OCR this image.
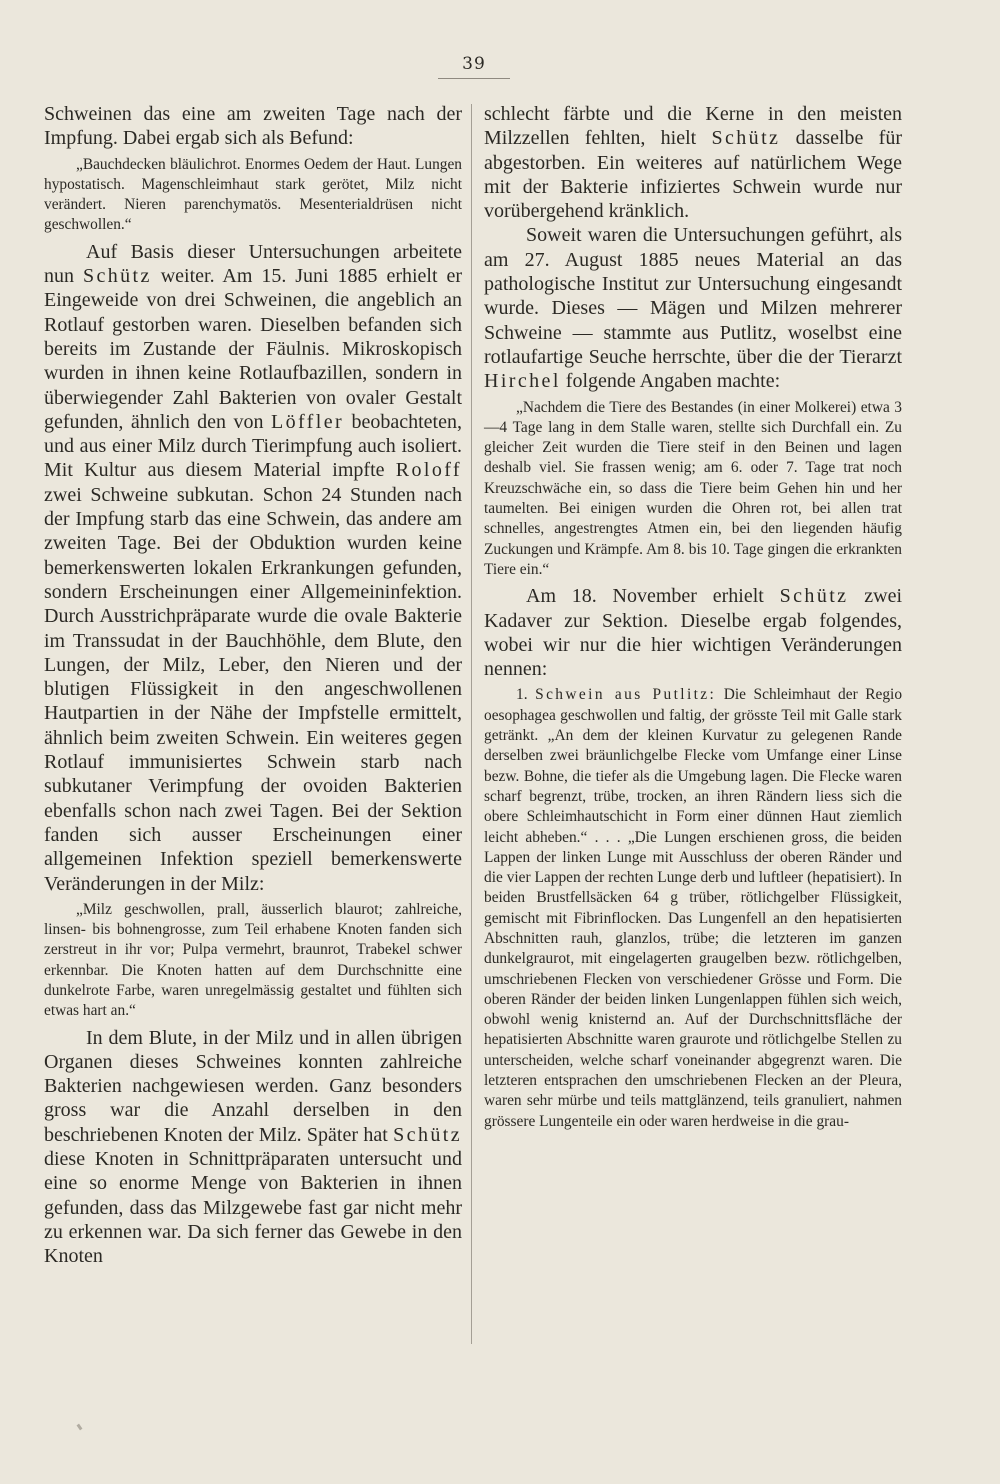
39

Schweinen das eine am zweiten Tage nach der Impfung. Dabei ergab sich als Befund:

„Bauchdecken bläulichrot. Enormes Oedem der Haut. Lungen hypostatisch. Magenschleimhaut stark gerötet, Milz nicht verändert. Nieren parenchymatös. Mesenterialdrüsen nicht geschwollen.“

Auf Basis dieser Untersuchungen arbeitete nun Schütz weiter. Am 15. Juni 1885 erhielt er Eingeweide von drei Schweinen, die angeblich an Rotlauf gestorben waren. Dieselben befanden sich bereits im Zustande der Fäulnis. Mikroskopisch wurden in ihnen keine Rotlaufbazillen, sondern in überwiegender Zahl Bakterien von ovaler Gestalt gefunden, ähnlich den von Löffler beobachteten, und aus einer Milz durch Tierimpfung auch isoliert. Mit Kultur aus diesem Material impfte Roloff zwei Schweine subkutan. Schon 24 Stunden nach der Impfung starb das eine Schwein, das andere am zweiten Tage. Bei der Obduktion wurden keine bemerkenswerten lokalen Erkrankungen gefunden, sondern Erscheinungen einer Allgemeininfektion. Durch Ausstrichpräparate wurde die ovale Bakterie im Transsudat in der Bauchhöhle, dem Blute, den Lungen, der Milz, Leber, den Nieren und der blutigen Flüssigkeit in den angeschwollenen Hautpartien in der Nähe der Impfstelle ermittelt, ähnlich beim zweiten Schwein. Ein weiteres gegen Rotlauf immunisiertes Schwein starb nach subkutaner Verimpfung der ovoiden Bakterien ebenfalls schon nach zwei Tagen. Bei der Sektion fanden sich ausser Erscheinungen einer allgemeinen Infektion speziell bemerkenswerte Veränderungen in der Milz:

„Milz geschwollen, prall, äusserlich blaurot; zahlreiche, linsen- bis bohnengrosse, zum Teil erhabene Knoten fanden sich zerstreut in ihr vor; Pulpa vermehrt, braunrot, Trabekel schwer erkennbar. Die Knoten hatten auf dem Durchschnitte eine dunkelrote Farbe, waren unregelmässig gestaltet und fühlten sich etwas hart an.“

In dem Blute, in der Milz und in allen übrigen Organen dieses Schweines konnten zahlreiche Bakterien nachgewiesen werden. Ganz besonders gross war die Anzahl derselben in den beschriebenen Knoten der Milz. Später hat Schütz diese Knoten in Schnittpräparaten untersucht und eine so enorme Menge von Bakterien in ihnen gefunden, dass das Milzgewebe fast gar nicht mehr zu erkennen war. Da sich ferner das Gewebe in den Knoten

schlecht färbte und die Kerne in den meisten Milzzellen fehlten, hielt Schütz dasselbe für abgestorben. Ein weiteres auf natürlichem Wege mit der Bakterie infiziertes Schwein wurde nur vorübergehend kränklich.

Soweit waren die Untersuchungen geführt, als am 27. August 1885 neues Material an das pathologische Institut zur Untersuchung eingesandt wurde. Dieses — Mägen und Milzen mehrerer Schweine — stammte aus Putlitz, woselbst eine rotlaufartige Seuche herrschte, über die der Tierarzt Hirchel folgende Angaben machte:

„Nachdem die Tiere des Bestandes (in einer Molkerei) etwa 3—4 Tage lang in dem Stalle waren, stellte sich Durchfall ein. Zu gleicher Zeit wurden die Tiere steif in den Beinen und lagen deshalb viel. Sie frassen wenig; am 6. oder 7. Tage trat noch Kreuzschwäche ein, so dass die Tiere beim Gehen hin und her taumelten. Bei einigen wurden die Ohren rot, bei allen trat schnelles, angestrengtes Atmen ein, bei den liegenden häufig Zuckungen und Krämpfe. Am 8. bis 10. Tage gingen die erkrankten Tiere ein.“

Am 18. November erhielt Schütz zwei Kadaver zur Sektion. Dieselbe ergab folgendes, wobei wir nur die hier wichtigen Veränderungen nennen:

1. Schwein aus Putlitz: Die Schleimhaut der Regio oesophagea geschwollen und faltig, der grösste Teil mit Galle stark getränkt. „An dem der kleinen Kurvatur zu gelegenen Rande derselben zwei bräunlichgelbe Flecke vom Umfange einer Linse bezw. Bohne, die tiefer als die Umgebung lagen. Die Flecke waren scharf begrenzt, trübe, trocken, an ihren Rändern liess sich die obere Schleimhautschicht in Form einer dünnen Haut ziemlich leicht abheben.“ . . . „Die Lungen erschienen gross, die beiden Lappen der linken Lunge mit Ausschluss der oberen Ränder und die vier Lappen der rechten Lunge derb und luftleer (hepatisiert). In beiden Brustfellsäcken 64 g trüber, rötlichgelber Flüssigkeit, gemischt mit Fibrinflocken. Das Lungenfell an den hepatisierten Abschnitten rauh, glanzlos, trübe; die letzteren im ganzen dunkelgraurot, mit eingelagerten graugelben bezw. rötlichgelben, umschriebenen Flecken von verschiedener Grösse und Form. Die oberen Ränder der beiden linken Lungenlappen fühlen sich weich, obwohl wenig knisternd an. Auf der Durchschnittsfläche der hepatisierten Abschnitte waren graurote und rötlichgelbe Stellen zu unterscheiden, welche scharf voneinander abgegrenzt waren. Die letzteren entsprachen den umschriebenen Flecken an der Pleura, waren sehr mürbe und teils mattglänzend, teils granuliert, nahmen grössere Lungenteile ein oder waren herdweise in die grau-
